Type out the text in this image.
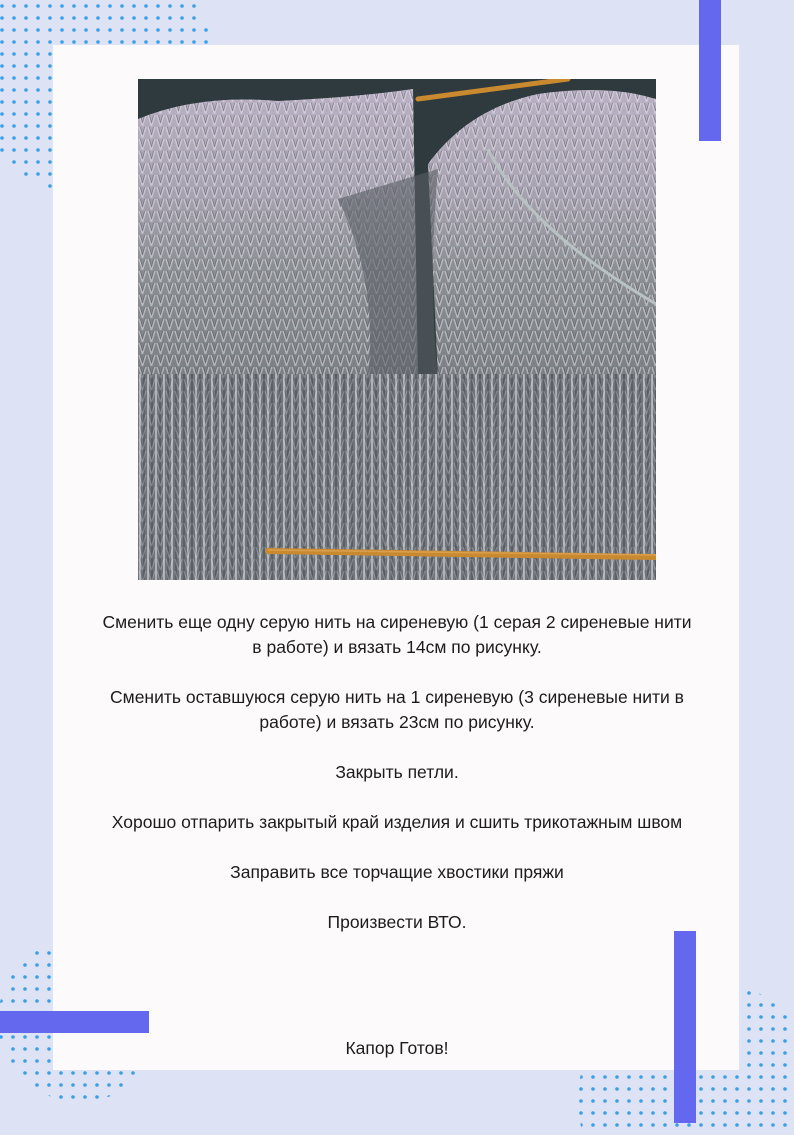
Сменить еще одну серую нить на сиреневую (1 серая 2 сиреневые нити в работе) и вязать 14см по рисунку.

Сменить оставшуюся серую нить на 1 сиреневую (3 сиреневые нити в работе) и вязать 23см по рисунку.

Закрыть петли.

Хорошо отпарить закрытый край изделия и сшить трикотажным швом

Заправить все торчащие хвостики пряжи

Произвести ВТО.

Капор Готов!
